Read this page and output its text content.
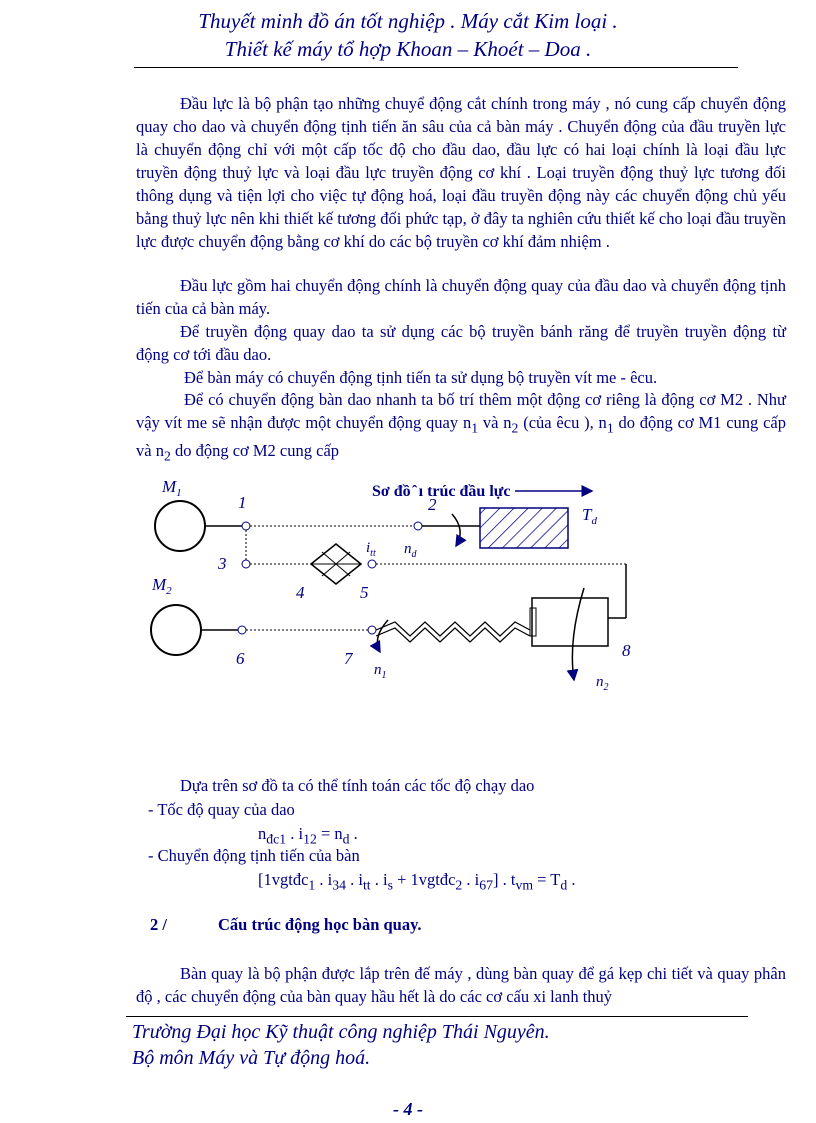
Thuyết minh đồ án tốt nghiệp . Máy cắt Kim loại .
Thiết kế máy tổ hợp Khoan – Khoét – Doa .
Đầu lực là bộ phận tạo những chuyể động cắt chính trong máy , nó cung cấp chuyển động quay cho dao và chuyển động tịnh tiến ăn sâu của cả bàn máy . Chuyển động của đầu truyền lực là chuyển động chỉ với một cấp tốc độ cho đầu dao, đầu lực có hai loại chính là loại đầu lực truyền động thuỷ lực và loại đầu lực truyền động cơ khí . Loại truyền động thuỷ lực tương đối thông dụng và tiện lợi cho việc tự động hoá, loại đầu truyền động này các chuyển động chủ yếu bằng thuỷ lực nên khi thiết kế tương đối phức tạp, ở đây ta nghiên cứu thiết kế cho loại đầu truyền lực được chuyển động bằng cơ khí do các bộ truyền cơ khí đảm nhiệm .
Đầu lực gồm hai chuyển động chính là chuyển động quay của đầu dao và chuyển động tịnh tiến của cả bàn máy.
Để truyền động quay dao ta sử dụng các bộ truyền bánh răng để truyền truyền động từ động cơ tới đầu dao.
Để bàn máy có chuyển động tịnh tiến ta sử dụng bộ truyền vít me - êcu.
Để có chuyển động bàn dao nhanh ta bố trí thêm một động cơ riêng là động cơ M2 . Như vậy vít me sẽ nhận được một chuyển động quay $n_1$ và $n_2$ (của êcu ), $n_1$ do động cơ M1 cung cấp và $n_2$ do động cơ M2 cung cấp
Sơ đồ ̂ ı trúc đầu lực
$M_1$	1	2
$n_d$
$T_d$
3
4
$i_{tt}$
5
$M_2$
6	7
$n_1$
8
$n_2$
Dựa trên sơ đồ ta có thể tính toán các tốc độ chạy dao
- Tốc độ quay của dao
$n_{đc1}$ . $i_{12} = n_d$ .
- Chuyển động tịnh tiến của bàn
[1vgtđc$_1$ . $i_{34}$ . $i_{tt}$ . $i_s$ + 1vgtđc$_2$ . $i_{67}$] . $t_{vm} = T_d$ .
2 /	Cấu trúc động học bàn quay.
Bàn quay là bộ phận được lắp trên đế máy , dùng bàn quay để gá kẹp chi tiết và quay phân độ , các chuyển động của bàn quay hầu hết là do các cơ cấu xi lanh thuỷ
Trường Đại học Kỹ thuật công nghiệp Thái Nguyên.
Bộ môn Máy và Tự động hoá.
- 4 -
